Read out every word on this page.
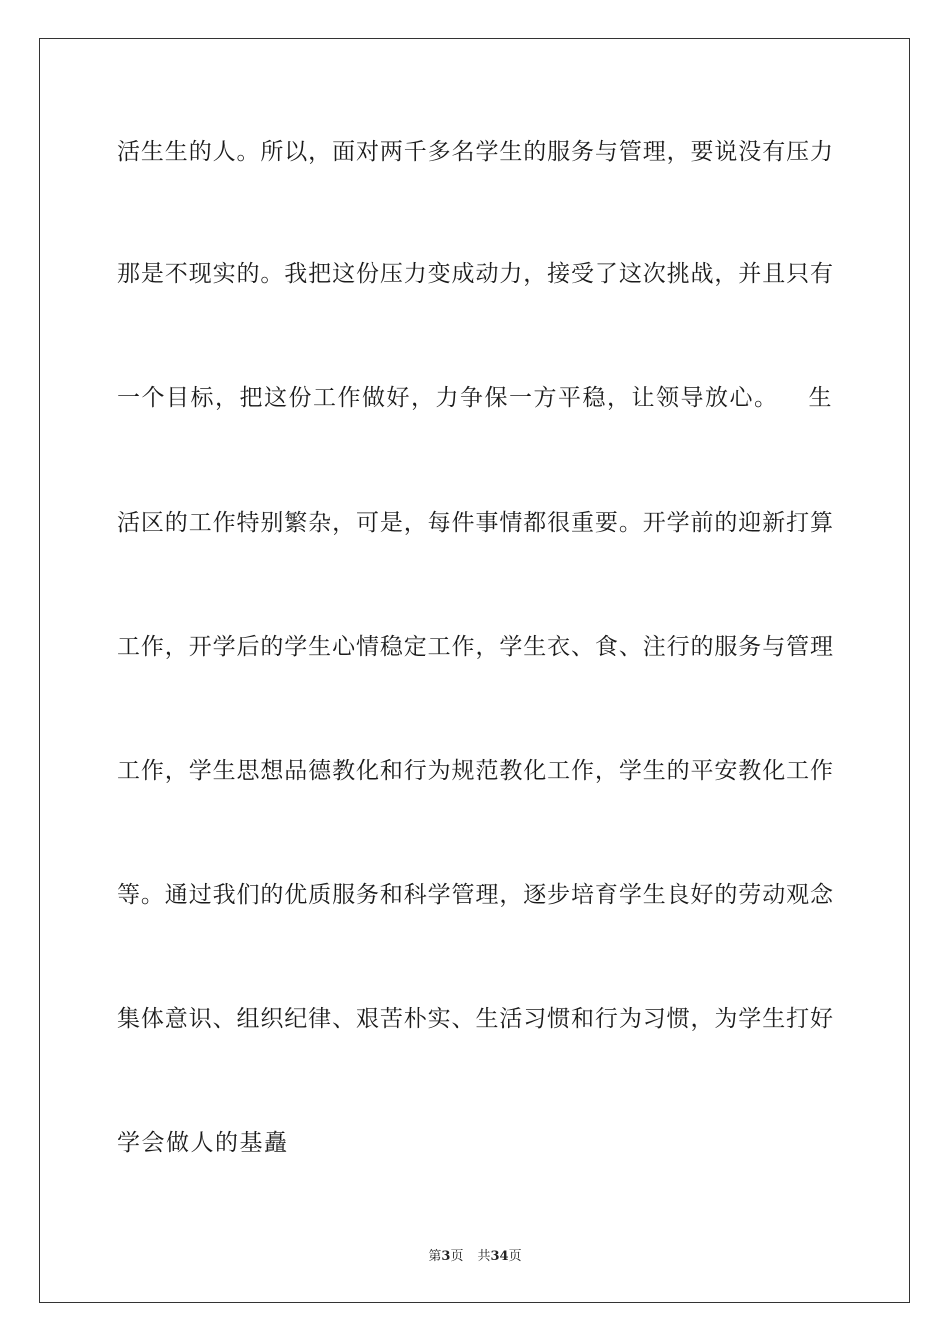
活生生的人。所以，面对两千多名学生的服务与管理，要说没有压力
那是不现实的。我把这份压力变成动力，接受了这次挑战，并且只有
一个目标，把这份工作做好，力争保一方平稳，让领导放心。 生
活区的工作特别繁杂，可是，每件事情都很重要。开学前的迎新打算
工作，开学后的学生心情稳定工作，学生衣、食、注行的服务与管理
工作，学生思想品德教化和行为规范教化工作，学生的平安教化工作
等。通过我们的优质服务和科学管理，逐步培育学生良好的劳动观念
集体意识、组织纪律、艰苦朴实、生活习惯和行为习惯，为学生打好
学会做人的基矗
第3页 共34页
